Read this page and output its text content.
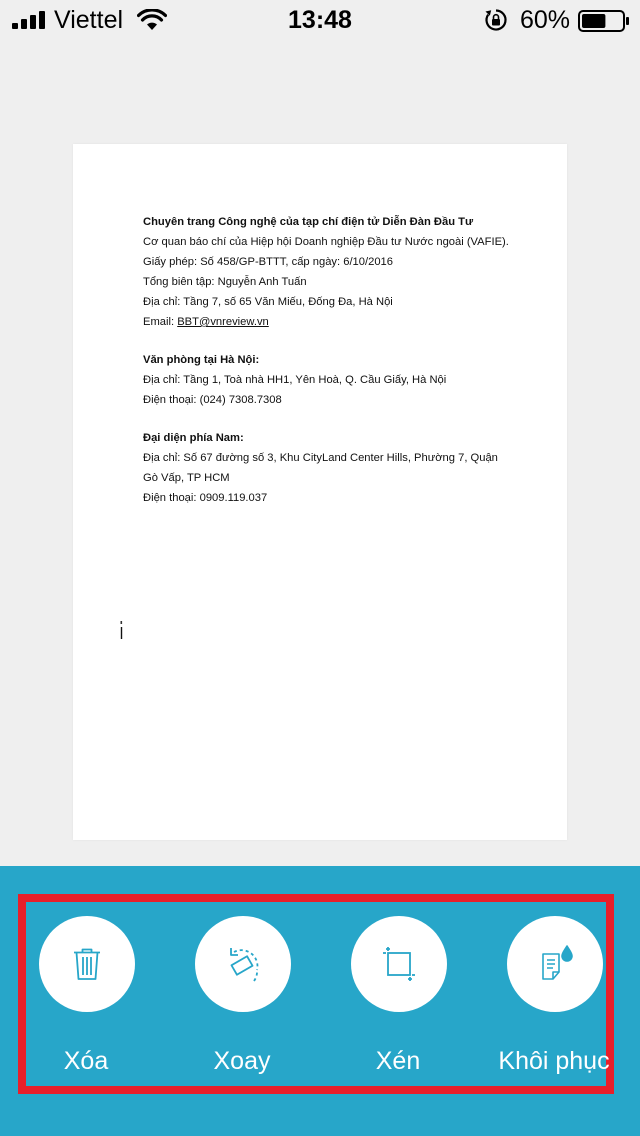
Viettel	13:48	60%
Chuyên trang Công nghệ của tạp chí điện tử Diễn Đàn Đầu Tư
Cơ quan báo chí của Hiệp hội Doanh nghiệp Đầu tư Nước ngoài (VAFIE).
Giấy phép: Số 458/GP-BTTT, cấp ngày: 6/10/2016
Tổng biên tập: Nguyễn Anh Tuấn
Địa chỉ: Tầng 7, số 65 Văn Miếu, Đống Đa, Hà Nội
Email: BBT@vnreview.vn
Văn phòng tại Hà Nội:
Địa chỉ: Tầng 1, Toà nhà HH1, Yên Hoà, Q. Cầu Giấy, Hà Nội
Điện thoại: (024) 7308.7308
Đại diện phía Nam:
Địa chỉ: Số 67 đường số 3, Khu CityLand Center Hills, Phường 7, Quận
Gò Vấp, TP HCM
Điện thoại: 0909.119.037
Xóa	Xoay	Xén	Khôi phục
